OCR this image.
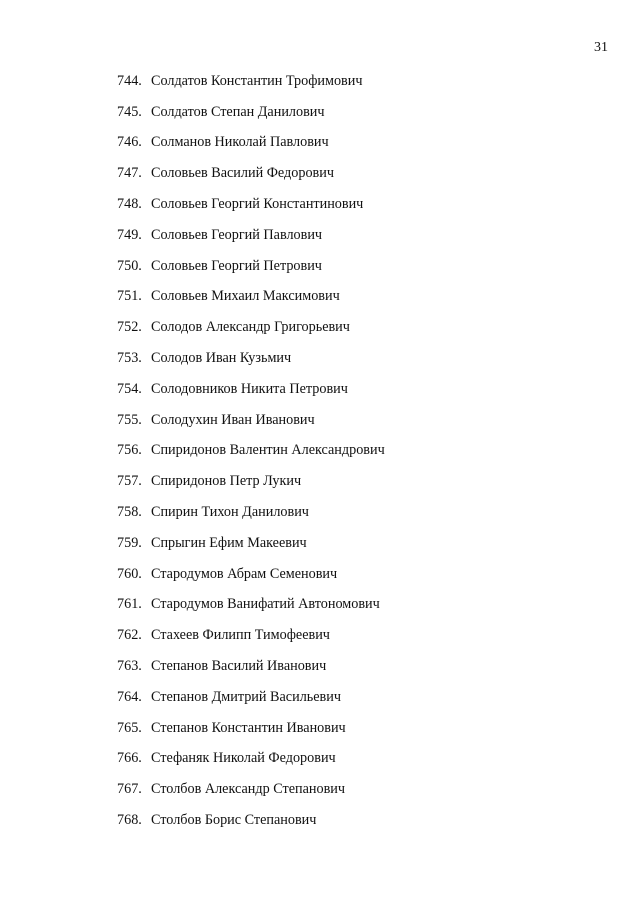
31
744. Солдатов Константин Трофимович
745. Солдатов Степан Данилович
746. Солманов Николай Павлович
747. Соловьев Василий Федорович
748. Соловьев Георгий Константинович
749. Соловьев Георгий Павлович
750. Соловьев Георгий Петрович
751. Соловьев Михаил Максимович
752. Солодов Александр Григорьевич
753. Солодов Иван Кузьмич
754. Солодовников Никита Петрович
755. Солодухин Иван Иванович
756. Спиридонов Валентин Александрович
757. Спиридонов Петр Лукич
758. Спирин Тихон Данилович
759. Спрыгин Ефим Макеевич
760. Стародумов Абрам Семенович
761. Стародумов Ванифатий Автономович
762. Стахеев Филипп Тимофеевич
763. Степанов Василий Иванович
764. Степанов Дмитрий Васильевич
765. Степанов Константин Иванович
766. Стефаняк Николай Федорович
767. Столбов Александр Степанович
768. Столбов Борис Степанович
